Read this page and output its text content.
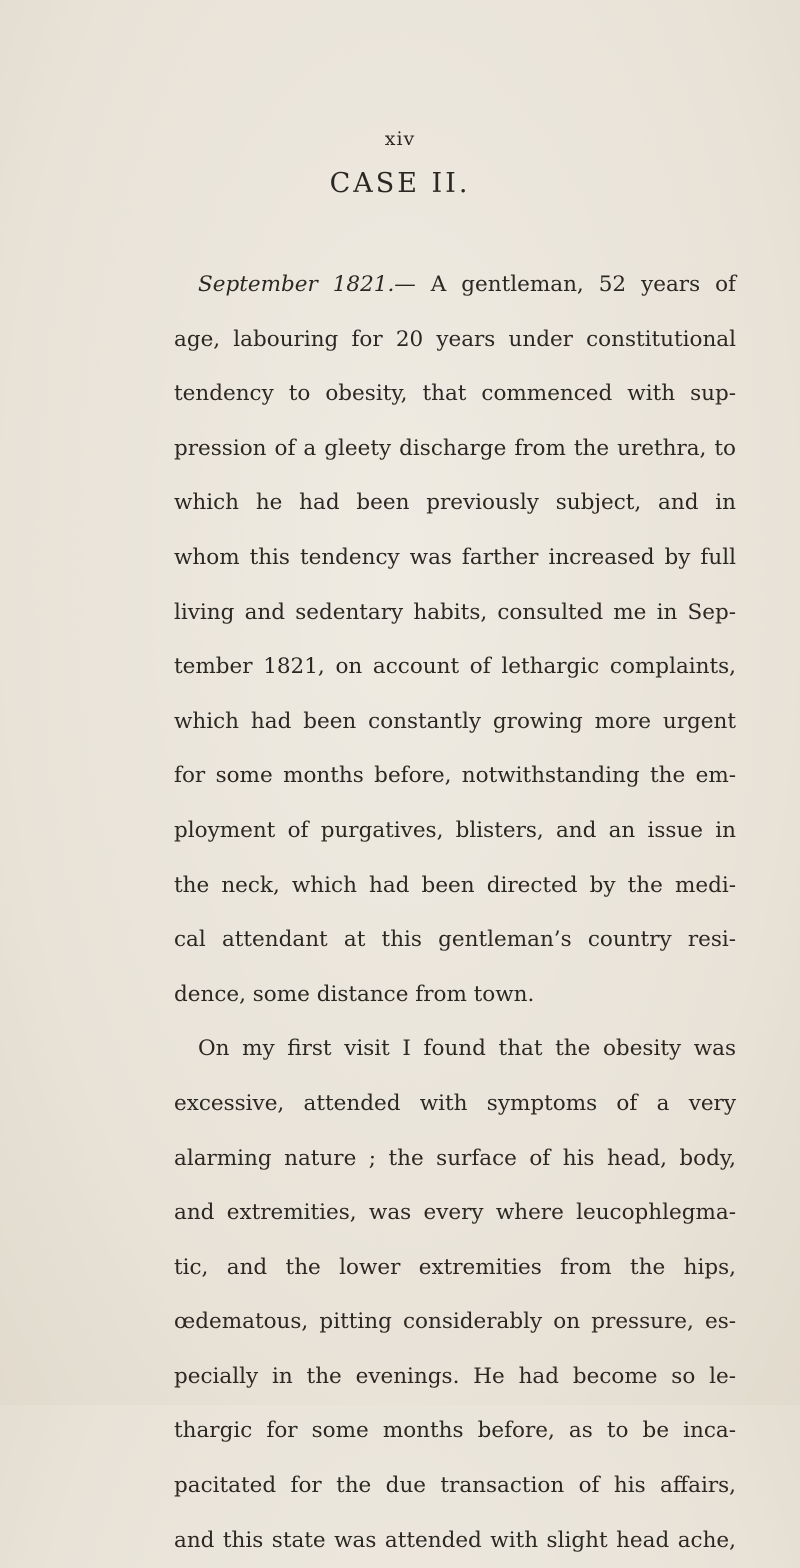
xiv
CASE II.
September 1821.— A gentleman, 52 years of
age, labouring for 20 years under constitutional
tendency to obesity, that commenced with sup-
pression of a gleety discharge from the urethra, to
which he had been previously subject, and in
whom this tendency was farther increased by full
living and sedentary habits, consulted me in Sep-
tember 1821, on account of lethargic complaints,
which had been constantly growing more urgent
for some months before, notwithstanding the em-
ployment of purgatives, blisters, and an issue in
the neck, which had been directed by the medi-
cal attendant at this gentleman’s country resi-
dence, some distance from town.
On my first visit I found that the obesity was
excessive, attended with symptoms of a very
alarming nature ; the surface of his head, body,
and extremities, was every where leucophlegma-
tic, and the lower extremities from the hips,
œdematous, pitting considerably on pressure, es-
pecially in the evenings. He had become so le-
thargic for some months before, as to be inca-
pacitated for the due transaction of his affairs,
and this state was attended with slight head ache,
